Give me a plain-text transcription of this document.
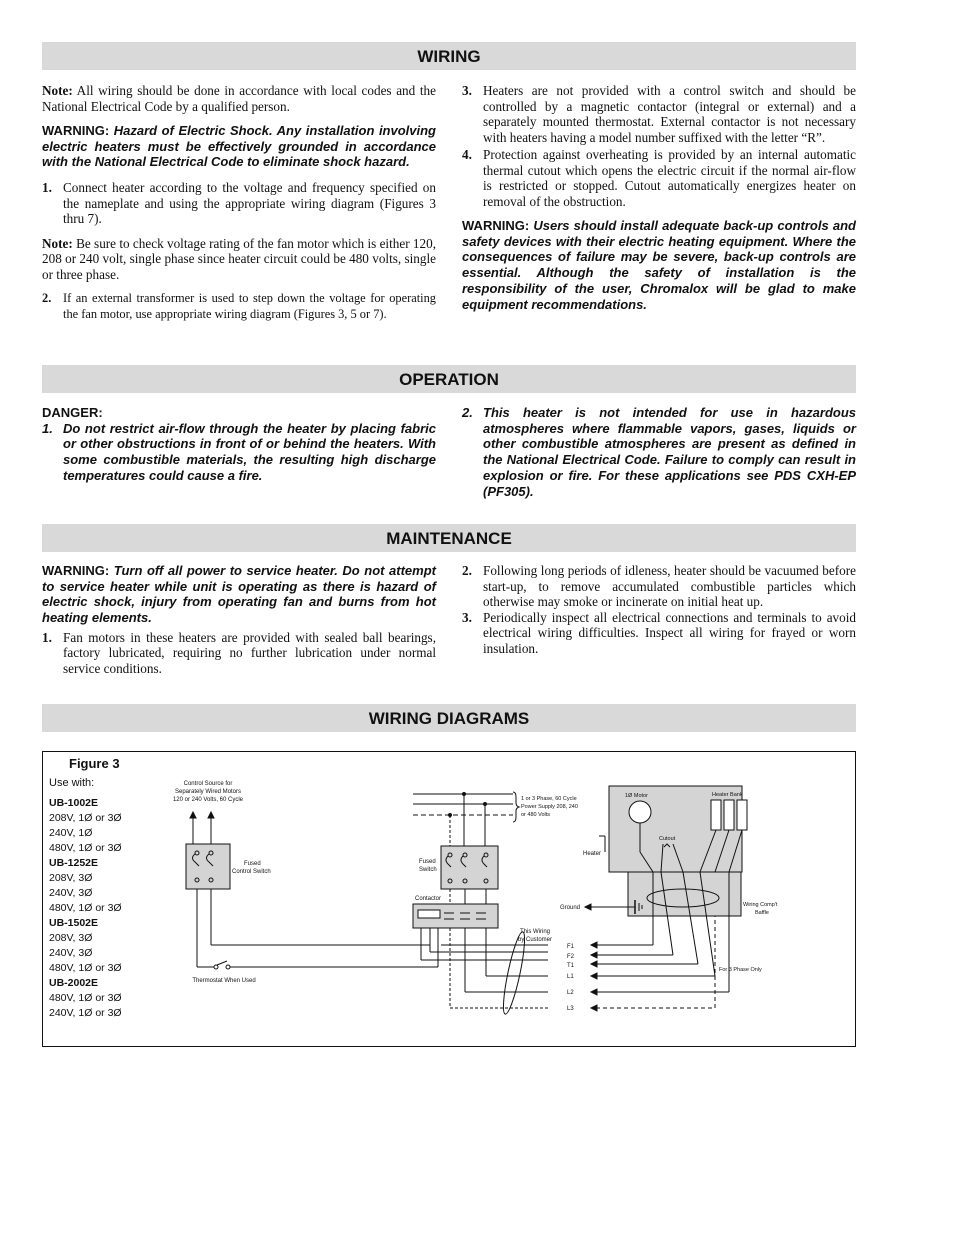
WIRING

Note: All wiring should be done in accordance with local codes and the National Electrical Code by a qualified person.

WARNING: Hazard of Electric Shock. Any installation involving electric heaters must be effectively grounded in accordance with the National Electrical Code to eliminate shock hazard.
1. Connect heater according to the voltage and frequency specified on the nameplate and using the appropriate wiring diagram (Figures 3 thru 7).

Note: Be sure to check voltage rating of the fan motor which is either 120, 208 or 240 volt, single phase since heater circuit could be 480 volts, single or three phase.

2. If an external transformer is used to step down the voltage for operating the fan motor, use appropriate wiring diagram (Figures 3, 5 or 7).
3. Heaters are not provided with a control switch and should be controlled by a magnetic contactor (integral or external) and a separately mounted thermostat. External contactor is not necessary with heaters having a model number suffixed with the letter “R”.
4. Protection against overheating is provided by an internal automatic thermal cutout which opens the electric circuit if the normal air-flow is restricted or stopped. Cutout automatically energizes heater on removal of the obstruction.
WARNING: Users should install adequate back-up controls and safety devices with their electric heating equipment. Where the consequences of failure may be severe, back-up controls are essential. Although the safety of installation is the responsibility of the user, Chromalox will be glad to make equipment recommendations.
OPERATION
DANGER:
1. Do not restrict air-flow through the heater by placing fabric or other obstructions in front of or behind the heaters. With some combustible materials, the resulting high discharge temperatures could cause a fire.
2. This heater is not intended for use in hazardous atmospheres where flammable vapors, gases, liquids or other combustible atmospheres are present as defined in the National Electrical Code. Failure to comply can result in explosion or fire. For these applications see PDS CXH-EP (PF305).
MAINTENANCE
WARNING: Turn off all power to service heater. Do not attempt to service heater while unit is operating as there is hazard of electric shock, injury from operating fan and burns from hot heating elements.
1. Fan motors in these heaters are provided with sealed ball bearings, factory lubricated, requiring no further lubrication under normal service conditions.
2. Following long periods of idleness, heater should be vacuumed before start-up, to remove accumulated combustible particles which otherwise may smoke or incinerate on initial heat up.
3. Periodically inspect all electrical connections and terminals to avoid electrical wiring difficulties. Inspect all wiring for frayed or worn insulation.
WIRING DIAGRAMS
Figure 3
Use with:
UB-1002E
208V, 1Ø or 3Ø
240V, 1Ø
480V, 1Ø or 3Ø
UB-1252E
208V, 3Ø
240V, 3Ø
480V, 1Ø or 3Ø
UB-1502E
208V, 3Ø
240V, 3Ø
480V, 1Ø or 3Ø
UB-2002E
480V, 1Ø or 3Ø
240V, 1Ø or 3Ø
Control Source for
Separately Wired Motors
120 or 240 Volts, 60 Cycle
Fused
Control Switch
Thermostat When Used
1 or 3 Phase, 60 Cycle
Power Supply 208, 240
or 480 Volts
Fused
Switch
Contactor
This Wiring
by Customer
F1
F2
T1
L1
L2
L3
1Ø Motor	Heater Bank
Cutout
Heater
Ground	Wiring Comp't
Baffle
For 3 Phase Only
